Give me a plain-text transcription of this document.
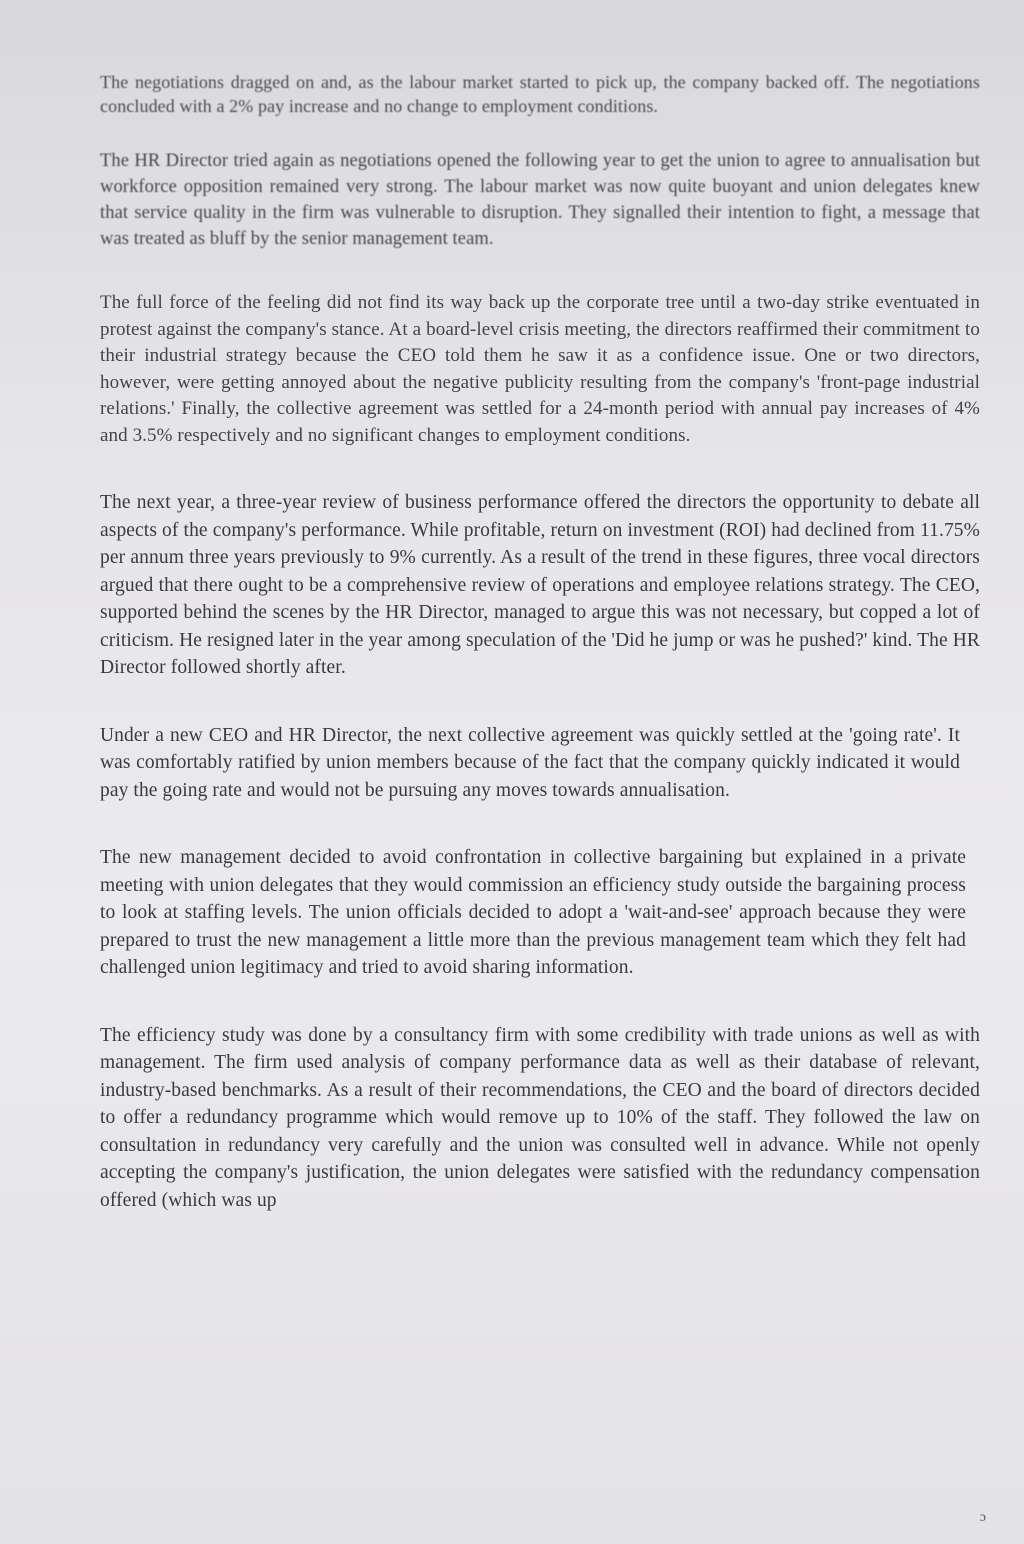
The negotiations dragged on and, as the labour market started to pick up, the company backed off. The negotiations concluded with a 2% pay increase and no change to employment conditions.

The HR Director tried again as negotiations opened the following year to get the union to agree to annualisation but workforce opposition remained very strong. The labour market was now quite buoyant and union delegates knew that service quality in the firm was vulnerable to disruption. They signalled their intention to fight, a message that was treated as bluff by the senior management team.

The full force of the feeling did not find its way back up the corporate tree until a two-day strike eventuated in protest against the company's stance. At a board-level crisis meeting, the directors reaffirmed their commitment to their industrial strategy because the CEO told them he saw it as a confidence issue. One or two directors, however, were getting annoyed about the negative publicity resulting from the company's 'front-page industrial relations.' Finally, the collective agreement was settled for a 24-month period with annual pay increases of 4% and 3.5% respectively and no significant changes to employment conditions.

The next year, a three-year review of business performance offered the directors the opportunity to debate all aspects of the company's performance. While profitable, return on investment (ROI) had declined from 11.75% per annum three years previously to 9% currently. As a result of the trend in these figures, three vocal directors argued that there ought to be a comprehensive review of operations and employee relations strategy. The CEO, supported behind the scenes by the HR Director, managed to argue this was not necessary, but copped a lot of criticism. He resigned later in the year among speculation of the 'Did he jump or was he pushed?' kind. The HR Director followed shortly after.

Under a new CEO and HR Director, the next collective agreement was quickly settled at the 'going rate'. It was comfortably ratified by union members because of the fact that the company quickly indicated it would pay the going rate and would not be pursuing any moves towards annualisation.

The new management decided to avoid confrontation in collective bargaining but explained in a private meeting with union delegates that they would commission an efficiency study outside the bargaining process to look at staffing levels. The union officials decided to adopt a 'wait-and-see' approach because they were prepared to trust the new management a little more than the previous management team which they felt had challenged union legitimacy and tried to avoid sharing information.

The efficiency study was done by a consultancy firm with some credibility with trade unions as well as with management. The firm used analysis of company performance data as well as their database of relevant, industry-based benchmarks. As a result of their recommendations, the CEO and the board of directors decided to offer a redundancy programme which would remove up to 10% of the staff. They followed the law on consultation in redundancy very carefully and the union was consulted well in advance. While not openly accepting the company's justification, the union delegates were satisfied with the redundancy compensation offered (which was up

ɔ
